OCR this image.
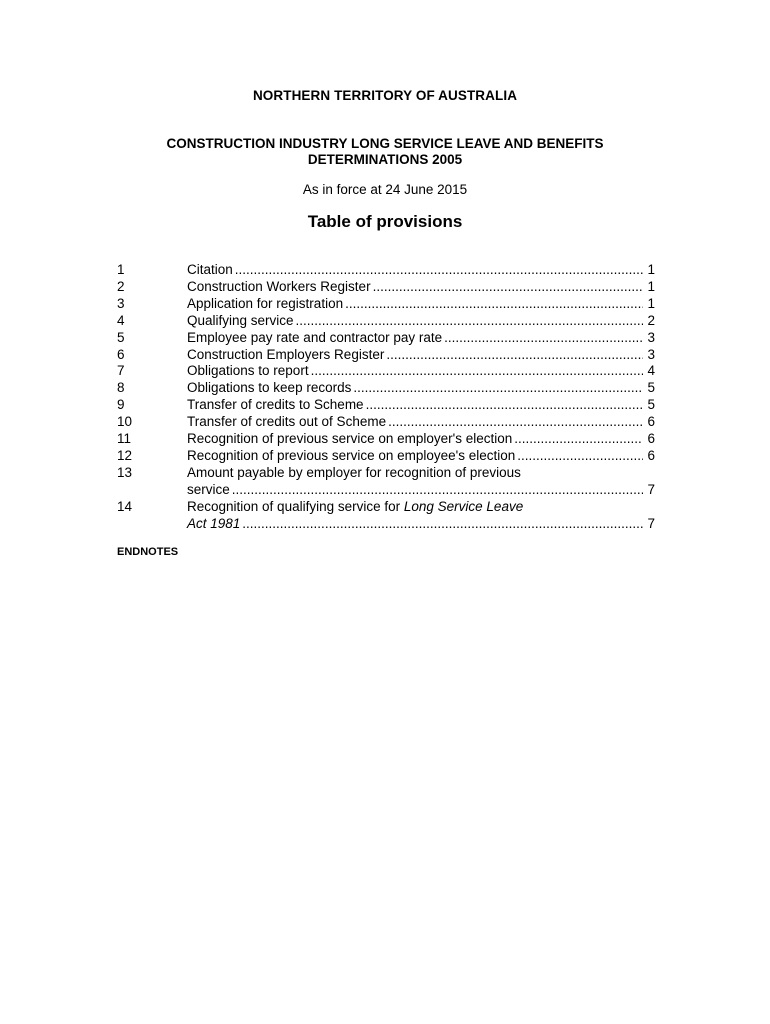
NORTHERN TERRITORY OF AUSTRALIA
CONSTRUCTION INDUSTRY LONG SERVICE LEAVE AND BENEFITS
DETERMINATIONS 2005
As in force at 24 June 2015
Table of provisions
1	Citation .....	1
2	Construction Workers Register .....	1
3	Application for registration .....	1
4	Qualifying service .....	2
5	Employee pay rate and contractor pay rate .....	3
6	Construction Employers Register .....	3
7	Obligations to report .....	4
8	Obligations to keep records .....	5
9	Transfer of credits to Scheme .....	5
10	Transfer of credits out of Scheme .....	6
11	Recognition of previous service on employer's election .....	6
12	Recognition of previous service on employee's election .....	6
13	Amount payable by employer for recognition of previous
service .....	7
14	Recognition of qualifying service for Long Service Leave
Act 1981 .....	7
ENDNOTES
